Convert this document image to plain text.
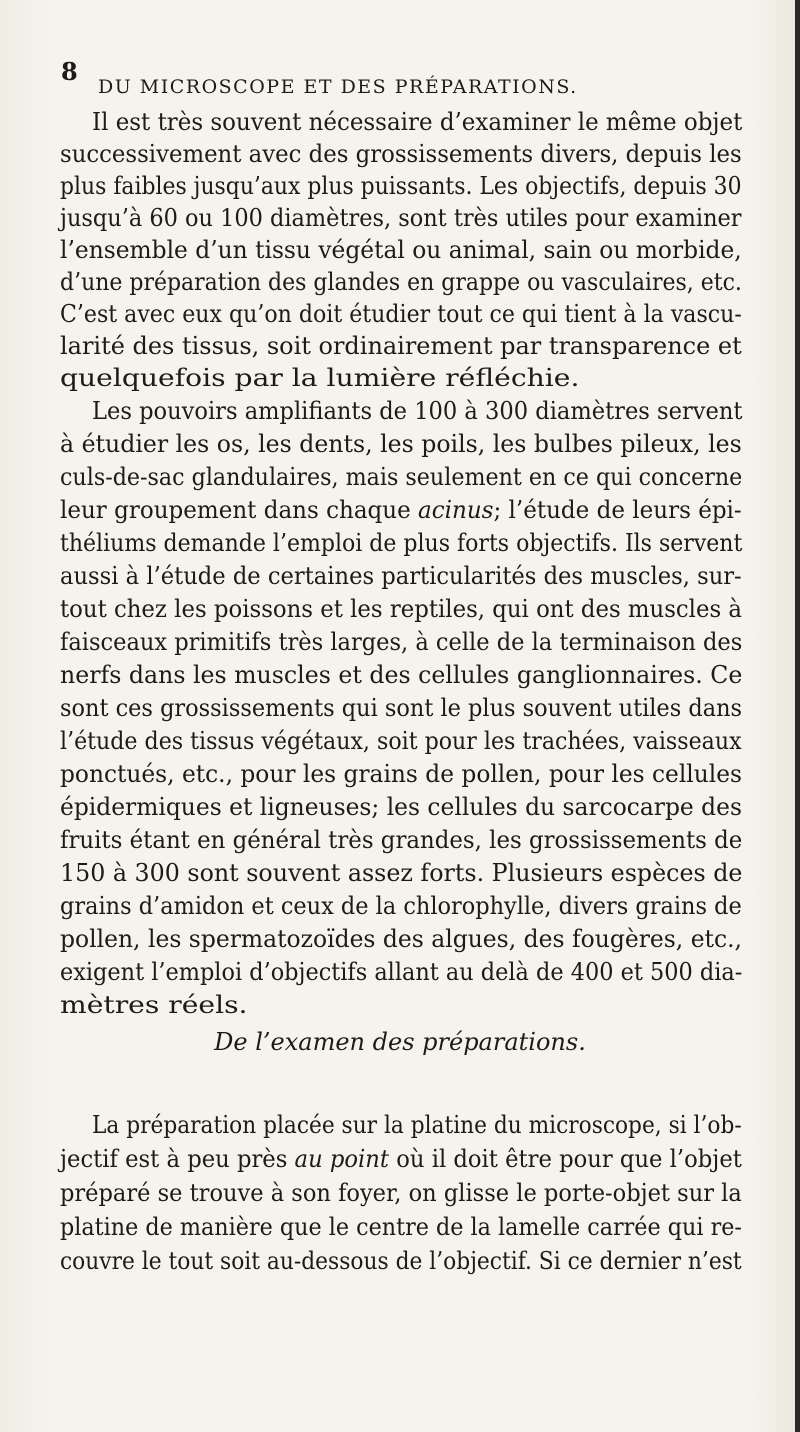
8
DU MICROSCOPE ET DES PRÉPARATIONS.
Il est très souvent nécessaire d’examiner le même objet
successivement avec des grossissements divers, depuis les
plus faibles jusqu’aux plus puissants. Les objectifs, depuis 30
jusqu’à 60 ou 100 diamètres, sont très utiles pour examiner
l’ensemble d’un tissu végétal ou animal, sain ou morbide,
d’une préparation des glandes en grappe ou vasculaires, etc.
C’est avec eux qu’on doit étudier tout ce qui tient à la vascu-
larité des tissus, soit ordinairement par transparence et
quelquefois par la lumière réfléchie.
Les pouvoirs amplifiants de 100 à 300 diamètres servent
à étudier les os, les dents, les poils, les bulbes pileux, les
culs-de-sac glandulaires, mais seulement en ce qui concerne
leur groupement dans chaque acinus; l’étude de leurs épi-
théliums demande l’emploi de plus forts objectifs. Ils servent
aussi à l’étude de certaines particularités des muscles, sur-
tout chez les poissons et les reptiles, qui ont des muscles à
faisceaux primitifs très larges, à celle de la terminaison des
nerfs dans les muscles et des cellules ganglionnaires. Ce
sont ces grossissements qui sont le plus souvent utiles dans
l’étude des tissus végétaux, soit pour les trachées, vaisseaux
ponctués, etc., pour les grains de pollen, pour les cellules
épidermiques et ligneuses; les cellules du sarcocarpe des
fruits étant en général très grandes, les grossissements de
150 à 300 sont souvent assez forts. Plusieurs espèces de
grains d’amidon et ceux de la chlorophylle, divers grains de
pollen, les spermatozoïdes des algues, des fougères, etc.,
exigent l’emploi d’objectifs allant au delà de 400 et 500 dia-
mètres réels.
De l’examen des préparations.
La préparation placée sur la platine du microscope, si l’ob-
jectif est à peu près au point où il doit être pour que l’objet
préparé se trouve à son foyer, on glisse le porte-objet sur la
platine de manière que le centre de la lamelle carrée qui re-
couvre le tout soit au-dessous de l’objectif. Si ce dernier n’est
